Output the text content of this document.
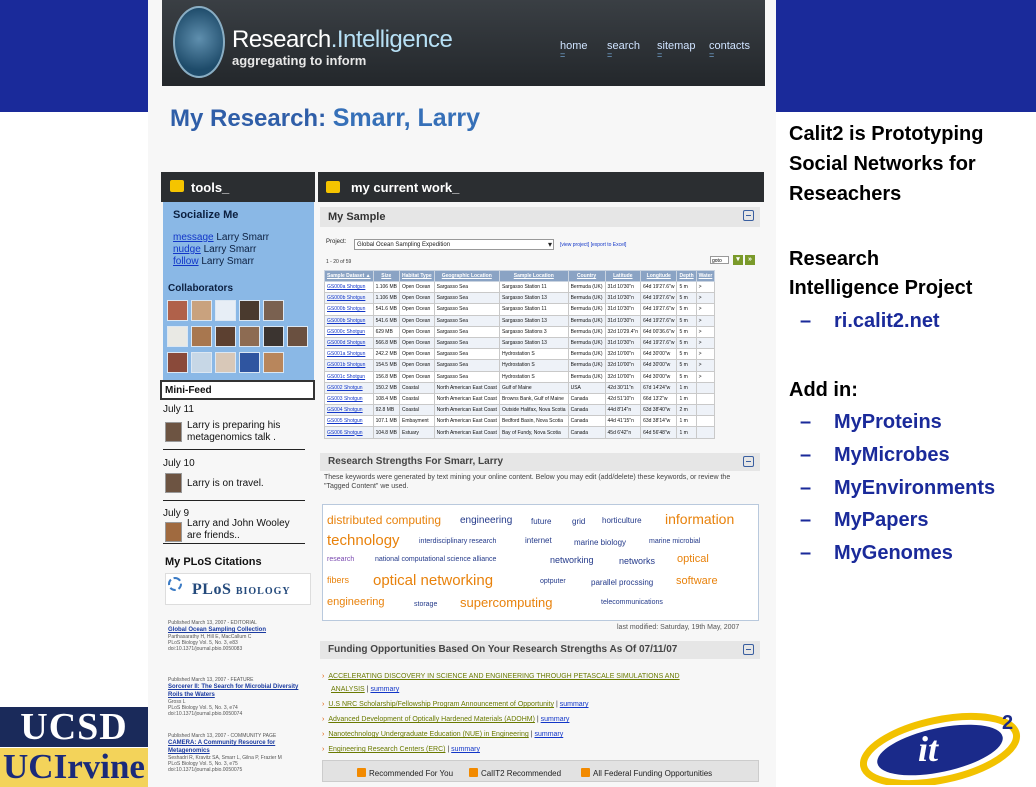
Research.Intelligence
aggregating to inform
home = search = sitemap = contacts =
My Research: Smarr, Larry
tools_
Socialize Me
message Larry Smarr
nudge Larry Smarr
follow Larry Smarr
Collaborators
Mini-Feed
July 11
Larry is preparing his
metagenomics talk .
July 10
Larry is on travel.
July 9
Larry and John Wooley
are friends..
My PLoS Citations
PLoS BIOLOGY
Published March 13, 2007 - EDITORIAL
Global Ocean Sampling Collection
Parthasarathy H, Hill E, MacCallum C
PLoS Biology Vol. 5, No. 3, e83 doi:10.1371/journal.pbio.0050083
Published March 13, 2007 - FEATURE
Sorcerer II: The Search for Microbial Diversity Roils the Waters
Gross L
PLoS Biology Vol. 5, No. 3, e74 doi:10.1371/journal.pbio.0050074
Published March 13, 2007 - COMMUNITY PAGE
CAMERA: A Community Resource for Metagenomics
Seshadri R, Kravitz SA, Smarr L, Gilna P, Frazier M
PLoS Biology Vol. 5, No. 3, e75 doi:10.1371/journal.pbio.0050075
my current work_
My Sample
Project:	Global Ocean Sampling Expedition ▾	[view project] [export to Excel]
1 - 20 of 59	goto	▾	»
Sample Dataset ▲	Size	Habitat Type	Geographic Location	Sample Location	Country	Latitude	Longitude	Depth	Water
GS000a Shotgun	1.106 MB	Open Ocean	Sargasso Sea	Sargasso Station 11	Bermuda (UK)	31d 10'30"n	64d 19'27.6"w	5 m	>
GS000b Shotgun	1.106 MB	Open Ocean	Sargasso Sea	Sargasso Station 13	Bermuda (UK)	31d 10'30"n	64d 19'27.6"w	5 m	>
GS000b Shotgun	541.6 MB	Open Ocean	Sargasso Sea	Sargasso Station 11	Bermuda (UK)	31d 10'30"n	64d 19'27.6"w	5 m	>
GS000b Shotgun	541.6 MB	Open Ocean	Sargasso Sea	Sargasso Station 13	Bermuda (UK)	31d 10'30"n	64d 19'27.6"w	5 m	>
GS000c Shotgun	629 MB	Open Ocean	Sargasso Sea	Sargasso Stations 3	Bermuda (UK)	32d 10'29.4"n	64d 00'36.6"w	5 m	>
GS000d Shotgun	566.8 MB	Open Ocean	Sargasso Sea	Sargasso Station 13	Bermuda (UK)	31d 10'30"n	64d 19'27.6"w	5 m	>
GS001a Shotgun	242.2 MB	Open Ocean	Sargasso Sea	Hydrostation S	Bermuda (UK)	32d 10'00"n	64d 30'00"w	5 m	>
GS001b Shotgun	154.5 MB	Open Ocean	Sargasso Sea	Hydrostation S	Bermuda (UK)	32d 10'00"n	64d 30'00"w	5 m	>
GS001c Shotgun	156.8 MB	Open Ocean	Sargasso Sea	Hydrostation S	Bermuda (UK)	32d 10'00"n	64d 30'00"w	5 m	>
GS002 Shotgun	150.2 MB	Coastal	North American East Coast	Gulf of Maine	USA	42d 30'11"n	67d 14'24"w	1 m	
GS003 Shotgun	108.4 MB	Coastal	North American East Coast	Browns Bank, Gulf of Maine	Canada	42d 51'10"n	66d 13'2"w	1 m	
GS004 Shotgun	92.8 MB	Coastal	North American East Coast	Outside Halifax, Nova Scotia	Canada	44d 8'14"n	63d 38'40"w	2 m	
GS005 Shotgun	107.1 MB	Embayment	North American East Coast	Bedford Basin, Nova Scotia	Canada	44d 41'15"n	63d 38'14"w	1 m	
GS006 Shotgun	104.8 MB	Estuary	North American East Coast	Bay of Fundy, Nova Scotia	Canada	45d 6'42"n	64d 56'48"w	1 m	
Research Strengths For Smarr, Larry
These keywords were generated by text mining your online content. Below you may edit (add/delete) these keywords, or review the "Tagged Content" we used.
distributed computing engineering future	grid horticulture information
technology	interdisciplinary research	internet	marine biology	marine microbial
research	national computational science alliance	networking	networks optical
fibers optical networking	optputer	parallel procssing software
engineering	storage supercomputing	telecommunications
last modified: Saturday, 19th May, 2007
Funding Opportunities Based On Your Research Strengths As Of 07/11/07
› ACCELERATING DISCOVERY IN SCIENCE AND ENGINEERING THROUGH PETASCALE SIMULATIONS AND
› U.S NRC Scholarship/Fellowship Program Announcement of Opportunity | summary
› Advanced Development of Optically Hardened Materials (ADOHM) | summary
› Nanotechnology Undergraduate Education (NUE) in Engineering | summary
› Engineering Research Centers (ERC) | summary
ANALYSIS | summary
Recommended For You	CalIT2 Recommended	All Federal Funding Opportunities
Calit2 is Prototyping
Social Networks for
Reseachers
Research
Intelligence Project
– ri.calit2.net
Add in:
– MyProteins
– MyMicrobes
– MyEnvironments
– MyPapers
– MyGenomes
UCSD
UCIrvine	it
2
